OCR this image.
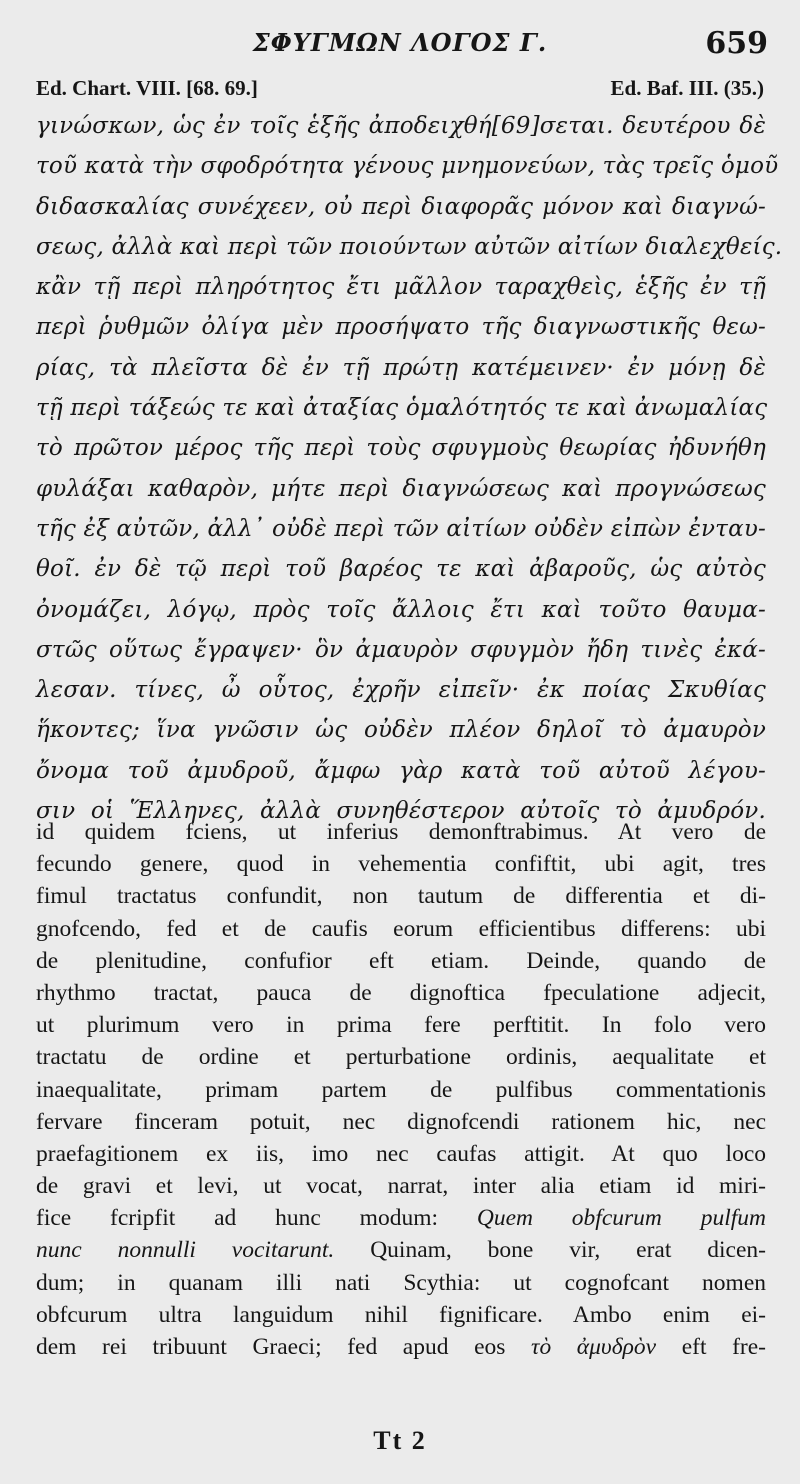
ΣΦΥΓΜΩΝ ΛΟΓΟΣ Γ.	659
Ed. Chart. VIII. [68. 69.]	Ed. Baf. III. (35.)
γινώσκων, ὡς ἐν τοῖς ἑξῆς ἀποδειχθή[69]σεται. δευτέρου δὲ
τοῦ κατὰ τὴν σφοδρότητα γένους μνημονεύων, τὰς τρεῖς ὁμοῦ
διδασκαλίας συνέχεεν, οὐ περὶ διαφορᾶς μόνον καὶ διαγνώ-
σεως, ἀλλὰ καὶ περὶ τῶν ποιούντων αὐτῶν αἰτίων διαλεχθείς.
κἂν τῇ περὶ πληρότητος ἔτι μᾶλλον ταραχθεὶς, ἑξῆς ἐν τῇ
περὶ ῥυθμῶν ὀλίγα μὲν προσήψατο τῆς διαγνωστικῆς θεω-
ρίας, τὰ πλεῖστα δὲ ἐν τῇ πρώτῃ κατέμεινεν· ἐν μόνῃ δὲ
τῇ περὶ τάξεώς τε καὶ ἀταξίας ὁμαλότητός τε καὶ ἀνωμαλίας
τὸ πρῶτον μέρος τῆς περὶ τοὺς σφυγμοὺς θεωρίας ἠδυνήθη
φυλάξαι καθαρὸν, μήτε περὶ διαγνώσεως καὶ προγνώσεως
τῆς ἐξ αὐτῶν, ἀλλ᾽ οὐδὲ περὶ τῶν αἰτίων οὐδὲν εἰπὼν ἐνταυ-
θοῖ. ἐν δὲ τῷ περὶ τοῦ βαρέος τε καὶ ἀβαροῦς, ὡς αὐτὸς
ὀνομάζει, λόγῳ, πρὸς τοῖς ἄλλοις ἔτι καὶ τοῦτο θαυμα-
στῶς οὕτως ἔγραψεν· ὃν ἀμαυρὸν σφυγμὸν ἤδη τινὲς ἐκά-
λεσαν. τίνες, ὦ οὗτος, ἐχρῆν εἰπεῖν· ἐκ ποίας Σκυθίας
ἥκοντες; ἵνα γνῶσιν ὡς οὐδὲν πλέον δηλοῖ τὸ ἀμαυρὸν
ὄνομα τοῦ ἀμυδροῦ, ἄμφω γὰρ κατὰ τοῦ αὐτοῦ λέγου-
σιν οἱ Ἕλληνες, ἀλλὰ συνηθέστερον αὐτοῖς τὸ ἀμυδρόν.
id quidem fciens, ut inferius demonftrabimus. At vero de
fecundo genere, quod in vehementia confiftit, ubi agit, tres
fimul tractatus confundit, non tautum de differentia et di-
gnofcendo, fed et de caufis eorum efficientibus differens: ubi
de plenitudine, confufior eft etiam. Deinde, quando de
rhythmo tractat, pauca de dignoftica fpeculatione adjecit,
ut plurimum vero in prima fere perftitit. In folo vero
tractatu de ordine et perturbatione ordinis, aequalitate et
inaequalitate, primam partem de pulfibus commentationis
fervare finceram potuit, nec dignofcendi rationem hic, nec
praefagitionem ex iis, imo nec caufas attigit. At quo loco
de gravi et levi, ut vocat, narrat, inter alia etiam id miri-
fice fcripfit ad hunc modum: Quem obfcurum pulfum
nunc nonnulli vocitarunt. Quinam, bone vir, erat dicen-
dum; in quanam illi nati Scythia: ut cognofcant nomen
obfcurum ultra languidum nihil fignificare. Ambo enim ei-
dem rei tribuunt Graeci; fed apud eos τὸ ἀμυδρὸν eft fre-
Tt 2
